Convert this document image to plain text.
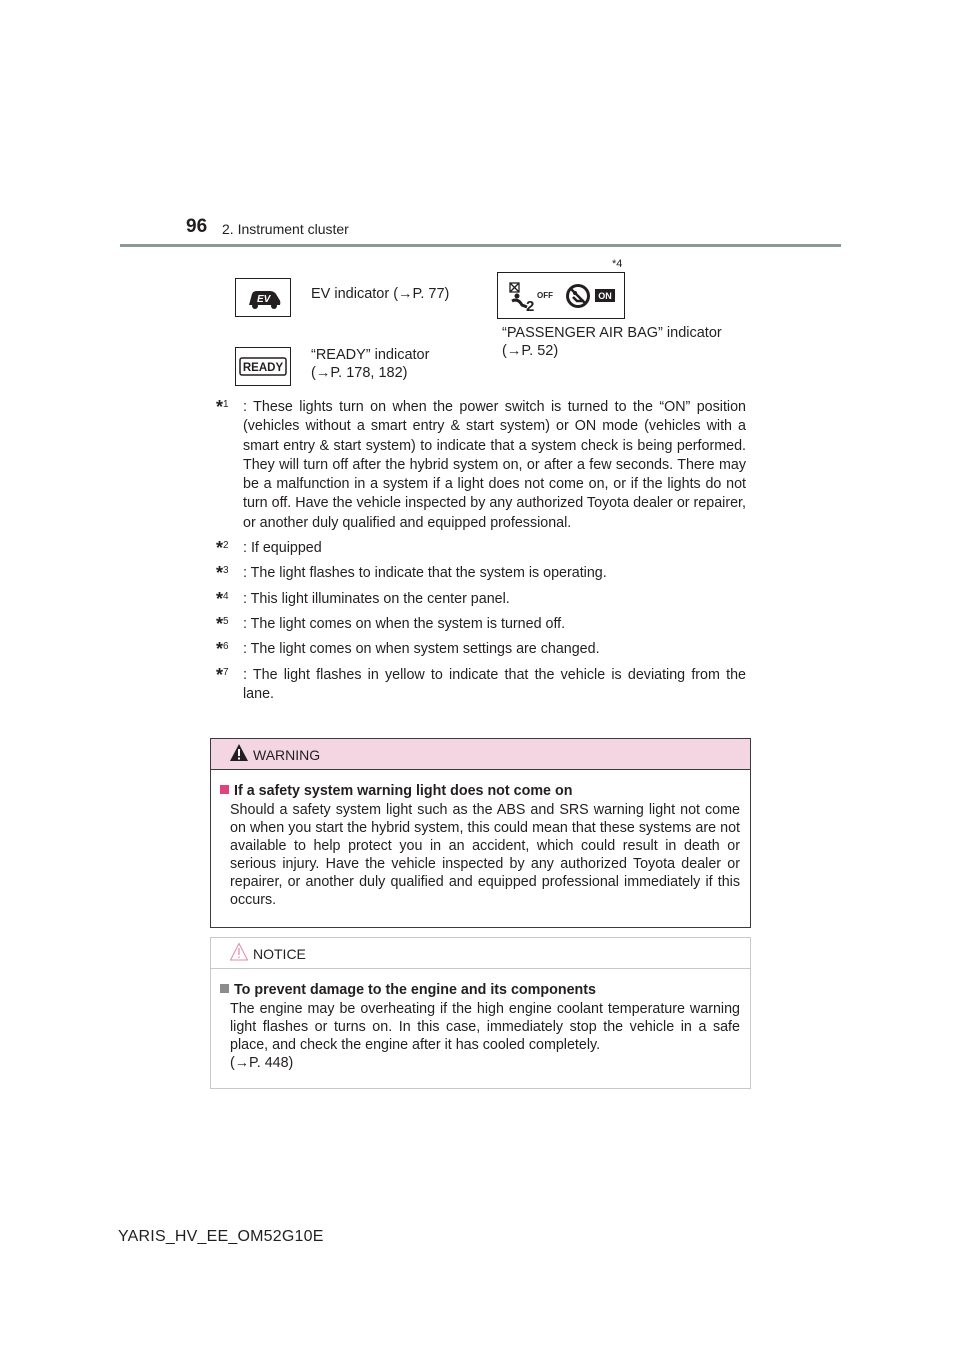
96 2. Instrument cluster
EV	EV indicator (→P. 77)
READY
“READY” indicator
(→P. 178, 182)
*4
2
OFF	ON
“PASSENGER AIR BAG” indicator
(→P. 52)
*$^1$ : These lights turn on when the power switch is turned to the “ON” position (vehicles without a smart entry & start system) or ON mode (vehicles with a smart entry & start system) to indicate that a system check is being performed. They will turn off after the hybrid system on, or after a few seconds. There may be a malfunction in a system if a light does not come on, or if the lights do not turn off. Have the vehicle inspected by any authorized Toyota dealer or repairer, or another duly qualified and equipped professional.
*$^2$ : If equipped
*$^3$ : The light flashes to indicate that the system is operating.
*$^4$ : This light illuminates on the center panel.
*$^5$ : The light comes on when the system is turned off.
*$^6$ : The light comes on when system settings are changed.
*$^7$ : The light flashes in yellow to indicate that the vehicle is deviating from the lane.
WARNING
If a safety system warning light does not come on
Should a safety system light such as the ABS and SRS warning light not come on when you start the hybrid system, this could mean that these systems are not available to help protect you in an accident, which could result in death or serious injury. Have the vehicle inspected by any authorized Toyota dealer or repairer, or another duly qualified and equipped professional immediately if this occurs.
NOTICE
To prevent damage to the engine and its components
The engine may be overheating if the high engine coolant temperature warning light flashes or turns on. In this case, immediately stop the vehicle in a safe place, and check the engine after it has cooled completely.
(→P. 448)
YARIS_HV_EE_OM52G10E
